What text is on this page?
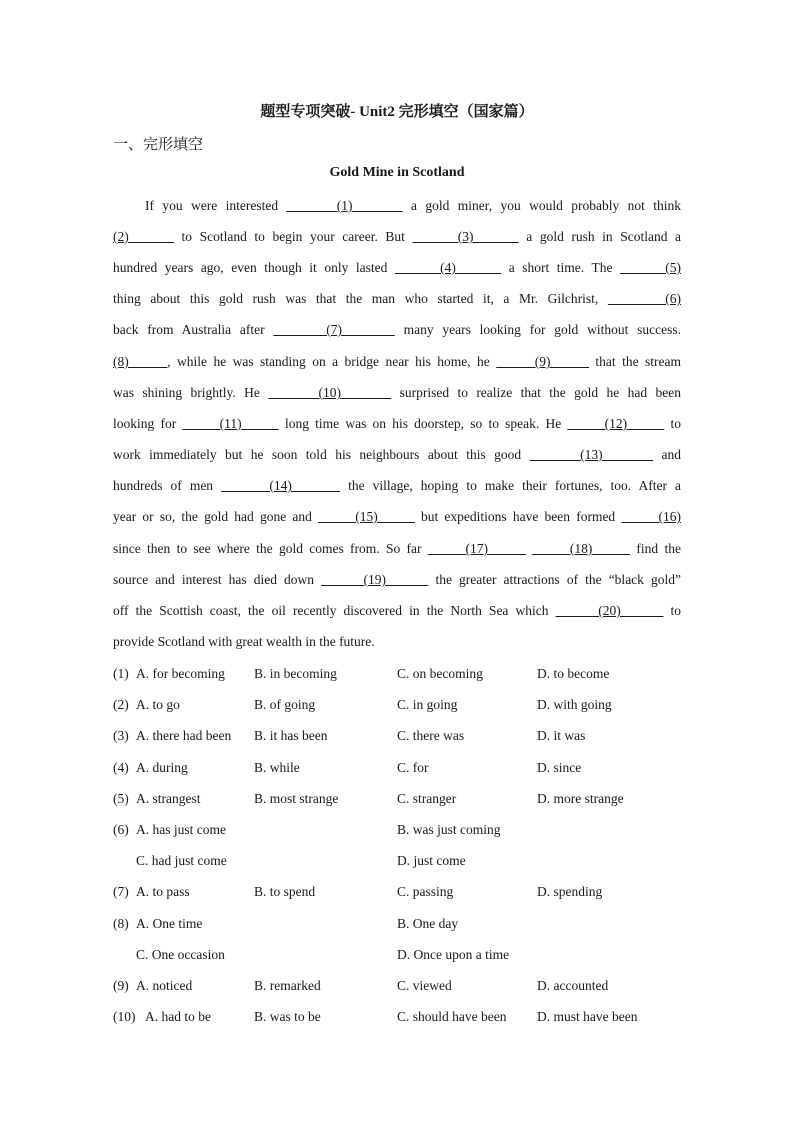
题型专项突破- Unit2 完形填空（国家篇）
一、完形填空
Gold Mine in Scotland
If you were interested       (1)       a gold miner, you would probably not think
(2)       to Scotland to begin your career. But       (3)       a gold rush in Scotland a
hundred years ago, even though it only lasted       (4)       a short time. The       (5)
thing about this gold rush was that the man who started it, a Mr. Gilchrist,       (6)
back from Australia after       (7)       many years looking for gold without success.
(8)      , while he was standing on a bridge near his home, he       (9)       that the stream
was shining brightly. He       (10)       surprised to realize that the gold he had been
looking for       (11)       long time was on his doorstep, so to speak. He       (12)       to
work immediately but he soon told his neighbours about this good       (13)       and
hundreds of men       (14)       the village, hoping to make their fortunes, too. After a
year or so, the gold had gone and       (15)       but expeditions have been formed       (16)
since then to see where the gold comes from. So far       (17)             (18)       find the
source and interest has died down       (19)       the greater attractions of the “black gold”
off the Scottish coast, the oil recently discovered in the North Sea which       (20)       to
provide Scotland with great wealth in the future.
(1) A. for becoming B. in becoming	C. on becoming	D. to become
(2) A. to go	B. of going	C. in going	D. with going
(3) A. there had been B. it has been	C. there was	D. it was
(4) A. during	B. while	C. for	D. since
(5) A. strangest	B. most strange	C. stranger	D. more strange
(6) A. has just come	B. was just coming
C. had just come	D. just come
(7) A. to pass	B. to spend	C. passing	D. spending
(8) A. One time	B. One day
C. One occasion	D. Once upon a time
(9) A. noticed	B. remarked	C. viewed	D. accounted
(10) A. had to be	B. was to be	C. should have been D. must have been
